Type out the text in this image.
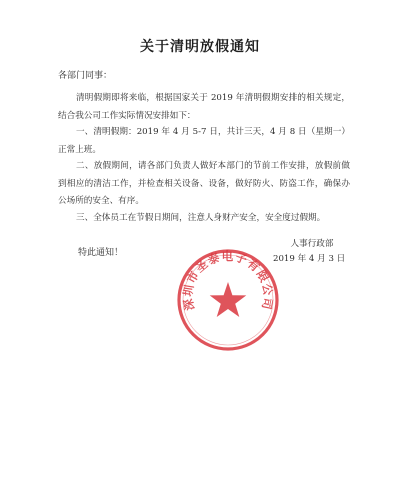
关于清明放假通知
各部门同事：
清明假期即将来临，根据国家关于 2019 年清明假期安排的相关规定，结合我公司工作实际情况安排如下：
一、清明假期：2019 年 4 月 5-7 日，共计三天，4 月 8 日（星期一）正常上班。
二、放假期间，请各部门负责人做好本部门的节前工作安排，放假前做到相应的清洁工作，并检查相关设备、设备，做好防火、防盗工作，确保办公场所的安全、有序。
三、全体员工在节假日期间，注意人身财产安全，安全度过假期。
特此通知！
人事行政部
2019 年 4 月 3 日
深圳市圣泰电子有限公司
